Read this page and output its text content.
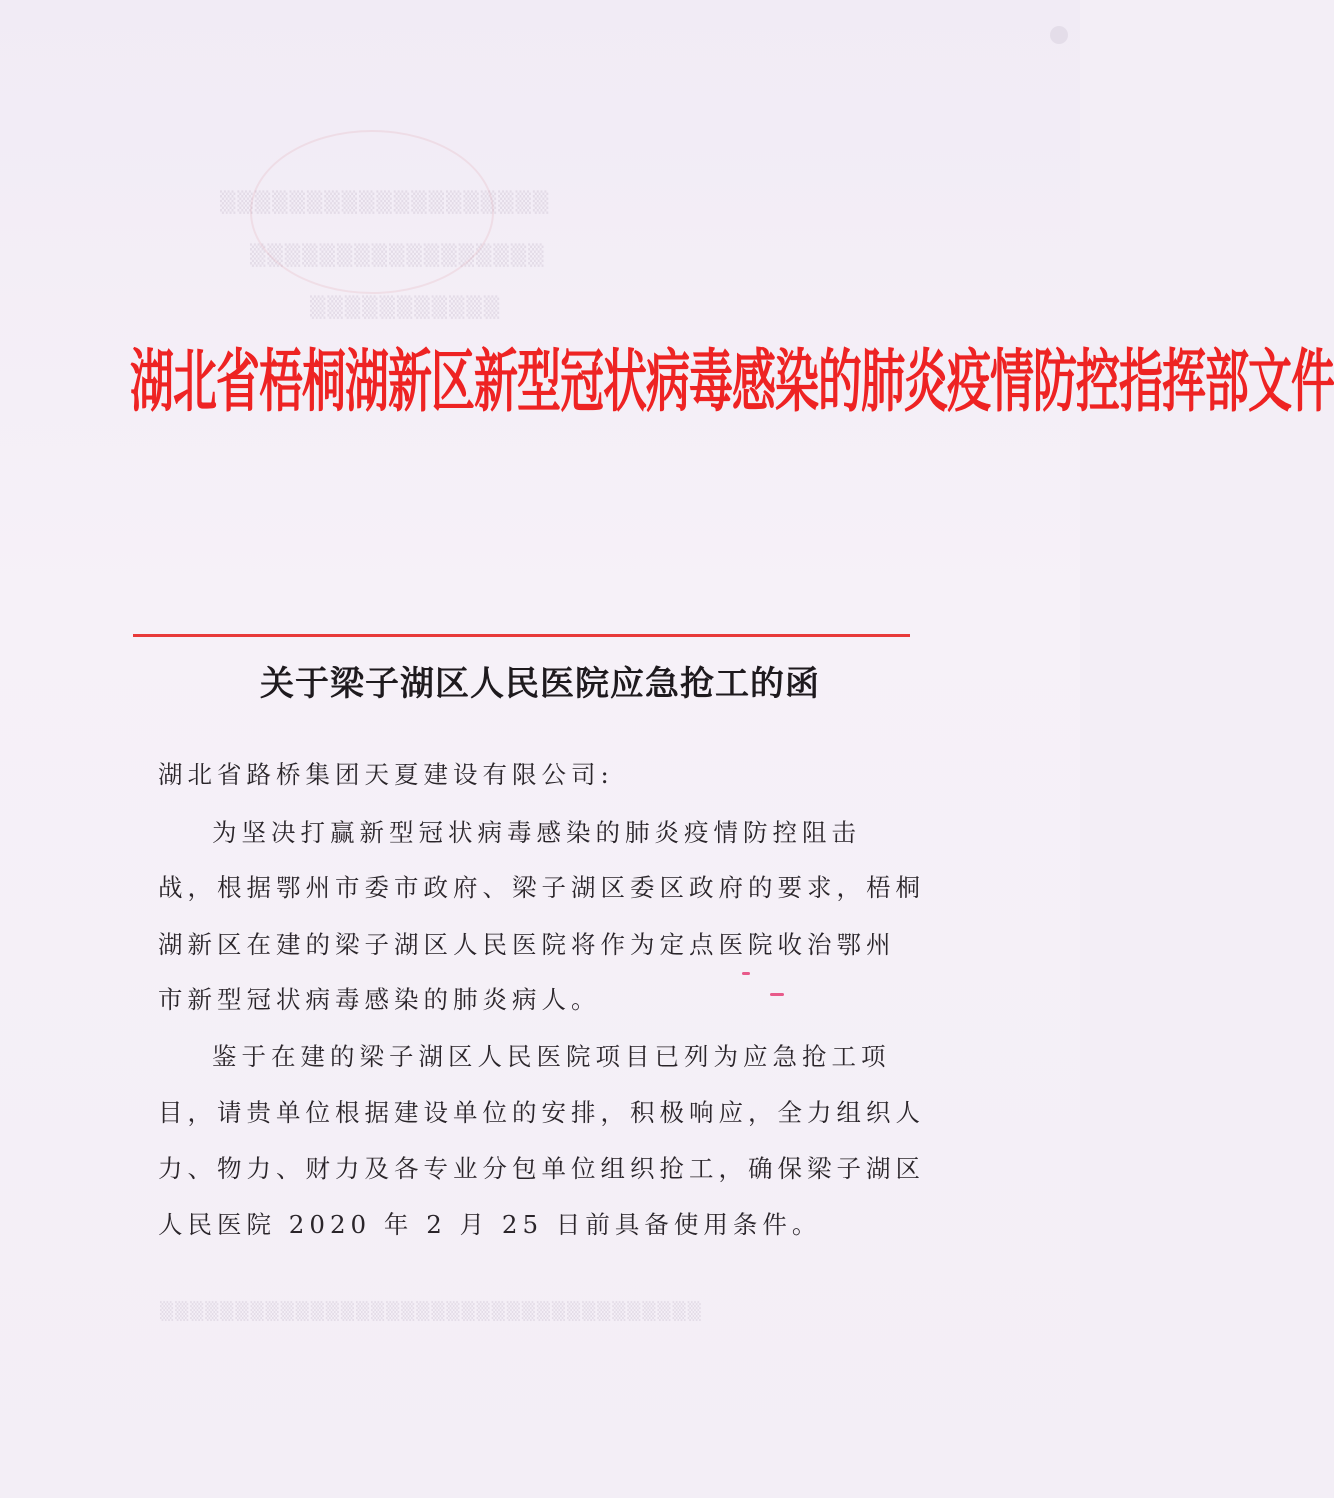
▒▒▒▒▒▒▒▒▒▒▒▒▒▒▒▒▒▒▒
▒▒▒▒▒▒▒▒▒▒▒▒▒▒▒▒▒
▒▒▒▒▒▒▒▒▒▒▒
▒▒▒▒▒▒▒▒▒▒▒▒▒▒▒▒▒▒▒▒▒▒▒▒▒▒▒▒▒▒▒▒▒▒▒▒
湖北省梧桐湖新区新型冠状病毒感染的肺炎疫情防控指挥部文件
关于梁子湖区人民医院应急抢工的函
湖北省路桥集团天夏建设有限公司:
为坚决打赢新型冠状病毒感染的肺炎疫情防控阻击
战，根据鄂州市委市政府、梁子湖区委区政府的要求，梧桐
湖新区在建的梁子湖区人民医院将作为定点医院收治鄂州
市新型冠状病毒感染的肺炎病人。
鉴于在建的梁子湖区人民医院项目已列为应急抢工项
目，请贵单位根据建设单位的安排，积极响应，全力组织人
力、物力、财力及各专业分包单位组织抢工，确保梁子湖区
人民医院 2020 年 2 月 25 日前具备使用条件。
